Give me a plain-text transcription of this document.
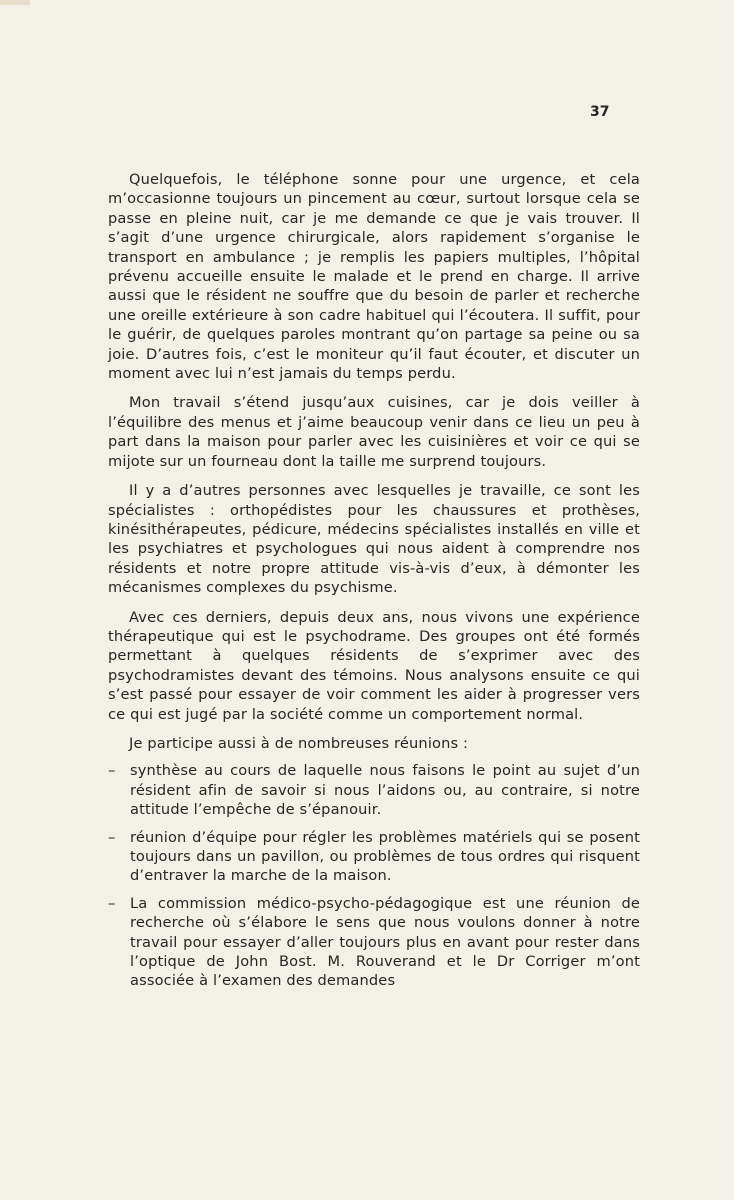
37

Quelquefois, le téléphone sonne pour une urgence, et cela m’occasionne toujours un pincement au cœur, surtout lorsque cela se passe en pleine nuit, car je me demande ce que je vais trouver. Il s’agit d’une urgence chirurgicale, alors rapidement s’organise le transport en ambulance ; je remplis les papiers multiples, l’hôpital prévenu accueille ensuite le malade et le prend en charge. Il arrive aussi que le résident ne souffre que du besoin de parler et recherche une oreille extérieure à son cadre habituel qui l’écoutera. Il suffit, pour le guérir, de quelques paroles montrant qu’on partage sa peine ou sa joie. D’autres fois, c’est le moniteur qu’il faut écouter, et discuter un moment avec lui n’est jamais du temps perdu.

Mon travail s’étend jusqu’aux cuisines, car je dois veiller à l’équilibre des menus et j’aime beaucoup venir dans ce lieu un peu à part dans la maison pour parler avec les cuisinières et voir ce qui se mijote sur un fourneau dont la taille me surprend toujours.

Il y a d’autres personnes avec lesquelles je travaille, ce sont les spécialistes : orthopédistes pour les chaussures et prothèses, kinésithérapeutes, pédicure, médecins spécialistes installés en ville et les psychiatres et psychologues qui nous aident à comprendre nos résidents et notre propre attitude vis-à-vis d’eux, à démonter les mécanismes complexes du psychisme.

Avec ces derniers, depuis deux ans, nous vivons une expérience thérapeutique qui est le psychodrame. Des groupes ont été formés permettant à quelques résidents de s’exprimer avec des psychodramistes devant des témoins. Nous analysons ensuite ce qui s’est passé pour essayer de voir comment les aider à progresser vers ce qui est jugé par la société comme un comportement normal.

Je participe aussi à de nombreuses réunions :

– synthèse au cours de laquelle nous faisons le point au sujet d’un résident afin de savoir si nous l’aidons ou, au contraire, si notre attitude l’empêche de s’épanouir.
– réunion d’équipe pour régler les problèmes matériels qui se posent toujours dans un pavillon, ou problèmes de tous ordres qui risquent d’entraver la marche de la maison.
– La commission médico-psycho-pédagogique est une réunion de recherche où s’élabore le sens que nous voulons donner à notre travail pour essayer d’aller toujours plus en avant pour rester dans l’optique de John Bost. M. Rouverand et le Dr Corriger m’ont associée à l’examen des demandes
